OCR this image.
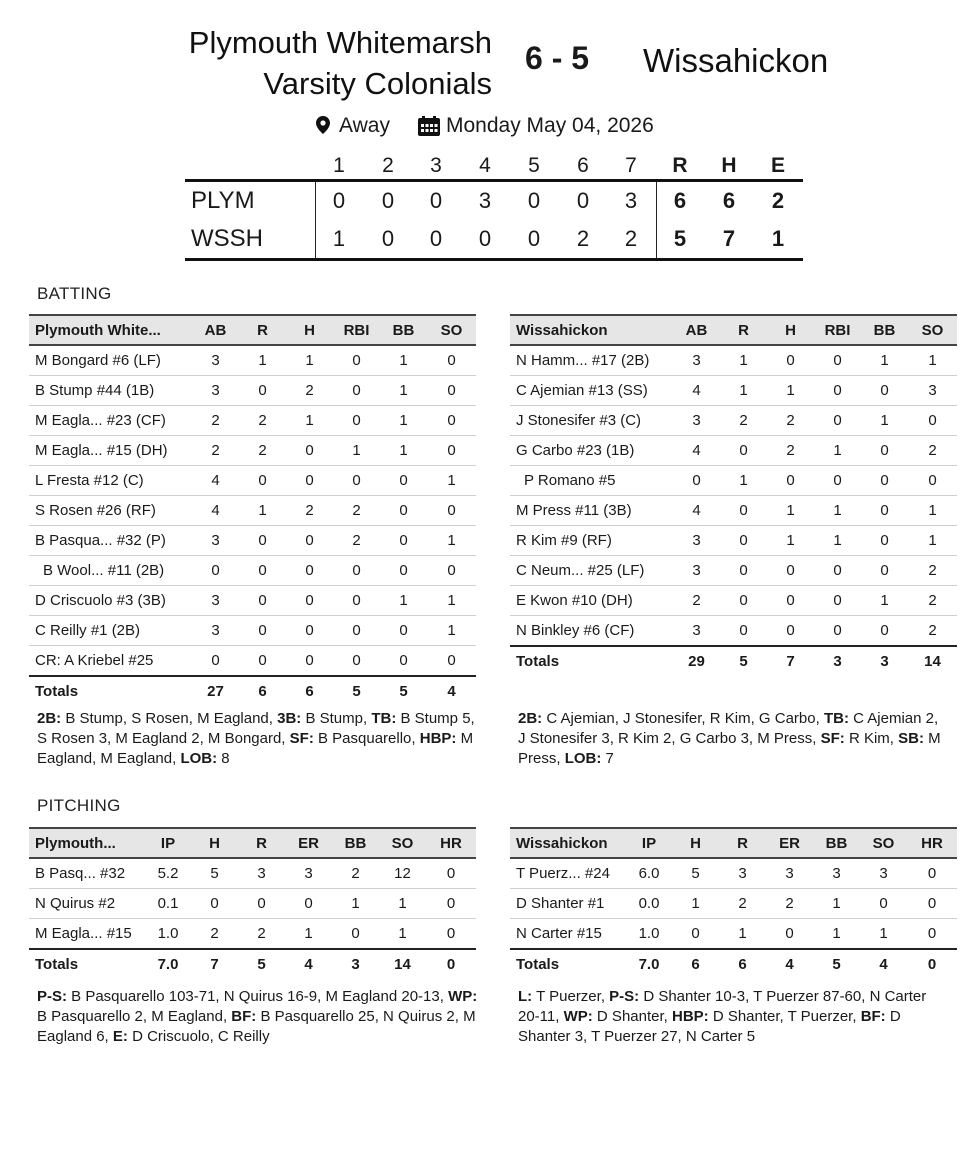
Plymouth Whitemarsh
Varsity Colonials
6 - 5 Wissahickon
Away	Monday May 04, 2026
1	2	3	4	5	6	7	R	H	E
PLYM	0	0	0	3	0	0	3	6	6	2
WSSH	1	0	0	0	0	2	2	5	7	1
BATTING
Plymouth White...	AB	R	H	RBI	BB	SO
M Bongard #6 (LF)	3	1	1	0	1	0
B Stump #44 (1B)	3	0	2	0	1	0
M Eagla... #23 (CF)	2	2	1	0	1	0
M Eagla... #15 (DH)	2	2	0	1	1	0
L Fresta #12 (C)	4	0	0	0	0	1
S Rosen #26 (RF)	4	1	2	2	0	0
B Pasqua... #32 (P)	3	0	0	2	0	1
B Wool... #11 (2B)	0	0	0	0	0	0
D Criscuolo #3 (3B)	3	0	0	0	1	1
C Reilly #1 (2B)	3	0	0	0	0	1
CR: A Kriebel #25	0	0	0	0	0	0
Totals	27	6	6	5	5	4
Wissahickon	AB	R	H	RBI	BB	SO
N Hamm... #17 (2B)	3	1	0	0	1	1
C Ajemian #13 (SS)	4	1	1	0	0	3
J Stonesifer #3 (C)	3	2	2	0	1	0
G Carbo #23 (1B)	4	0	2	1	0	2
P Romano #5	0	1	0	0	0	0
M Press #11 (3B)	4	0	1	1	0	1
R Kim #9 (RF)	3	0	1	1	0	1
C Neum... #25 (LF)	3	0	0	0	0	2
E Kwon #10 (DH)	2	0	0	0	1	2
N Binkley #6 (CF)	3	0	0	0	0	2
Totals	29	5	7	3	3	14
2B: B Stump, S Rosen, M Eagland, 3B: B Stump, TB: B Stump 5, S Rosen 3, M Eagland 2, M Bongard, SF: B Pasquarello, HBP: M Eagland, M Eagland, LOB: 8
2B: C Ajemian, J Stonesifer, R Kim, G Carbo, TB: C Ajemian 2, J Stonesifer 3, R Kim 2, G Carbo 3, M Press, SF: R Kim, SB: M Press, LOB: 7
PITCHING
Plymouth...	IP	H	R	ER	BB	SO	HR
B Pasq... #32	5.2	5	3	3	2	12	0
N Quirus #2	0.1	0	0	0	1	1	0
M Eagla... #15	1.0	2	2	1	0	1	0
Totals	7.0	7	5	4	3	14	0
Wissahickon	IP	H	R	ER	BB	SO	HR
T Puerz... #24	6.0	5	3	3	3	3	0
D Shanter #1	0.0	1	2	2	1	0	0
N Carter #15	1.0	0	1	0	1	1	0
Totals	7.0	6	6	4	5	4	0
P-S: B Pasquarello 103-71, N Quirus 16-9, M Eagland 20-13, WP: B Pasquarello 2, M Eagland, BF: B Pasquarello 25, N Quirus 2, M Eagland 6, E: D Criscuolo, C Reilly
L: T Puerzer, P-S: D Shanter 10-3, T Puerzer 87-60, N Carter 20-11, WP: D Shanter, HBP: D Shanter, T Puerzer, BF: D Shanter 3, T Puerzer 27, N Carter 5
